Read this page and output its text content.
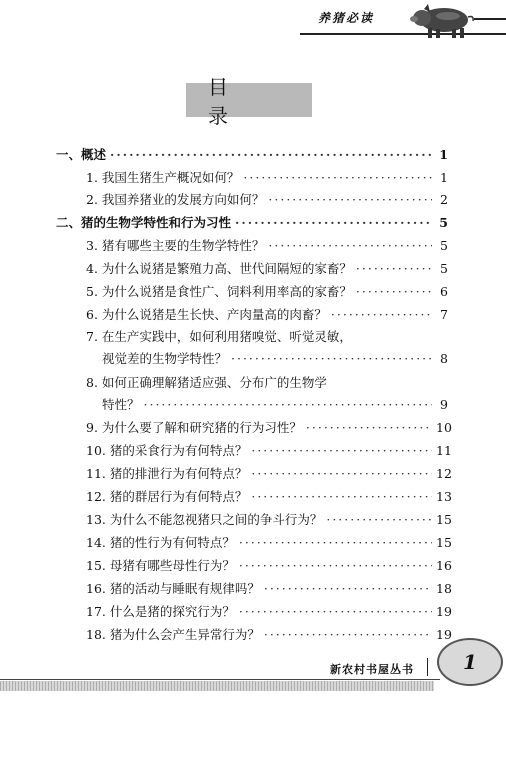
养猪必读
目 录
一、概述 ·····	1
1. 我国生猪生产概况如何？ ·····	1
2. 我国养猪业的发展方向如何？ ·····	2
二、猪的生物学特性和行为习性 ·····	5
3. 猪有哪些主要的生物学特性？ ·····	5
4. 为什么说猪是繁殖力高、世代间隔短的家畜？ ·····	5
5. 为什么说猪是食性广、饲料利用率高的家畜？ ·····	6
6. 为什么说猪是生长快、产肉量高的肉畜？ ·····	7
7. 在生产实践中，如何利用猪嗅觉、听觉灵敏，
视觉差的生物学特性？ ·····	8
8. 如何正确理解猪适应强、分布广的生物学
特性？ ·····	9
9. 为什么要了解和研究猪的行为习性？ ·····	10
10. 猪的采食行为有何特点？ ·····	11
11. 猪的排泄行为有何特点？ ·····	12
12. 猪的群居行为有何特点？ ·····	13
13. 为什么不能忽视猪只之间的争斗行为？ ·····	15
14. 猪的性行为有何特点？ ·····	15
15. 母猪有哪些母性行为？ ·····	16
16. 猪的活动与睡眠有规律吗？ ·····	18
17. 什么是猪的探究行为？ ·····	19
18. 猪为什么会产生异常行为？ ·····	19
新农村书屋丛书 1
